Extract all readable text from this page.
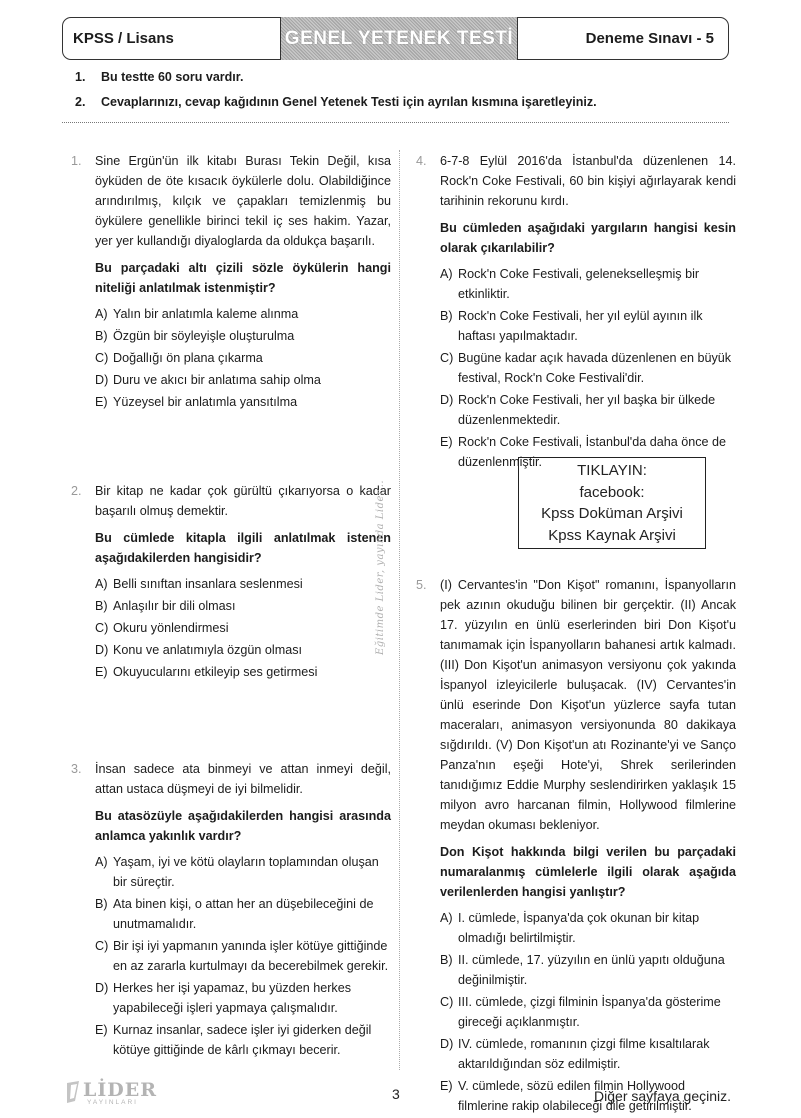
KPSS / Lisans	GENEL YETENEK TESTİ	Deneme Sınavı - 5
1. Bu testte 60 soru vardır.
2. Cevaplarınızı, cevap kağıdının Genel Yetenek Testi için ayrılan kısmına işaretleyiniz.
1. Sine Ergün'ün ilk kitabı Burası Tekin Değil, kısa öyküden de öte kısacık öykülerle dolu. Olabildiğince arındırılmış, kılçık ve çapakları temizlenmiş bu öykülere genellikle birinci tekil iç ses hakim. Yazar, yer yer kullandığı diyaloglarda da oldukça başarılı.

Bu parçadaki altı çizili sözle öykülerin hangi niteliği anlatılmak istenmiştir?

A) Yalın bir anlatımla kaleme alınma
B) Özgün bir söyleyişle oluşturulma
C) Doğallığı ön plana çıkarma
D) Duru ve akıcı bir anlatıma sahip olma
E) Yüzeysel bir anlatımla yansıtılma
2. Bir kitap ne kadar çok gürültü çıkarıyorsa o kadar başarılı olmuş demektir.

Bu cümlede kitapla ilgili anlatılmak istenen aşağıdakilerden hangisidir?

A) Belli sınıftan insanlara seslenmesi
B) Anlaşılır bir dili olması
C) Okuru yönlendirmesi
D) Konu ve anlatımıyla özgün olması
E) Okuyucularını etkileyip ses getirmesi
3. İnsan sadece ata binmeyi ve attan inmeyi değil, attan ustaca düşmeyi de iyi bilmelidir.

Bu atasözüyle aşağıdakilerden hangisi arasında anlamca yakınlık vardır?

A) Yaşam, iyi ve kötü olayların toplamından oluşan bir süreçtir.
B) Ata binen kişi, o attan her an düşebileceğini de unutmamalıdır.
C) Bir işi iyi yapmanın yanında işler kötüye gittiğinde en az zararla kurtulmayı da becerebilmek gerekir.
D) Herkes her işi yapamaz, bu yüzden herkes yapabileceği işleri yapmaya çalışmalıdır.
E) Kurnaz insanlar, sadece işler iyi giderken değil kötüye gittiğinde de kârlı çıkmayı becerir.
Eğitimde Lider, yayında Lider...
4. 6-7-8 Eylül 2016'da İstanbul'da düzenlenen 14. Rock'n Coke Festivali, 60 bin kişiyi ağırlayarak kendi tarihinin rekorunu kırdı.

Bu cümleden aşağıdaki yargıların hangisi kesin olarak çıkarılabilir?

A) Rock'n Coke Festivali, gelenekselleşmiş bir etkinliktir.
B) Rock'n Coke Festivali, her yıl eylül ayının ilk haftası yapılmaktadır.
C) Bugüne kadar açık havada düzenlenen en büyük festival, Rock'n Coke Festivali'dir.
D) Rock'n Coke Festivali, her yıl başka bir ülkede düzenlenmektedir.
E) Rock'n Coke Festivali, İstanbul'da daha önce de düzenlenmiştir.
5. (I) Cervantes'in "Don Kişot" romanını, İspanyolların pek azının okuduğu bilinen bir gerçektir. (II) Ancak 17. yüzyılın en ünlü eserlerinden biri Don Kişot'u tanımamak için İspanyolların bahanesi artık kalmadı. (III) Don Kişot'un animasyon versiyonu çok yakında İspanyol izleyicilerle buluşacak. (IV) Cervantes'in ünlü eserinde Don Kişot'un yüzlerce sayfa tutan maceraları, animasyon versiyonunda 80 dakikaya sığdırıldı. (V) Don Kişot'un atı Rozinante'yi ve Sanço Panza'nın eşeği Hote'yi, Shrek serilerinden tanıdığımız Eddie Murphy seslendirirken yaklaşık 15 milyon avro harcanan filmin, Hollywood filmlerine meydan okuması bekleniyor.

Don Kişot hakkında bilgi verilen bu parçadaki numaralanmış cümlelerle ilgili olarak aşağıda verilenlerden hangisi yanlıştır?

A) I. cümlede, İspanya'da çok okunan bir kitap olmadığı belirtilmiştir.
B) II. cümlede, 17. yüzyılın en ünlü yapıtı olduğuna değinilmiştir.
C) III. cümlede, çizgi filminin İspanya'da gösterime gireceği açıklanmıştır.
D) IV. cümlede, romanının çizgi filme kısaltılarak aktarıldığından söz edilmiştir.
E) V. cümlede, sözü edilen filmin Hollywood filmlerine rakip olabileceği dile getirilmiştir.
TIKLAYIN:
facebook:
Kpss Doküman Arşivi
Kpss Kaynak Arşivi
LİDER
YAYINLARI
3	Diğer sayfaya geçiniz.
